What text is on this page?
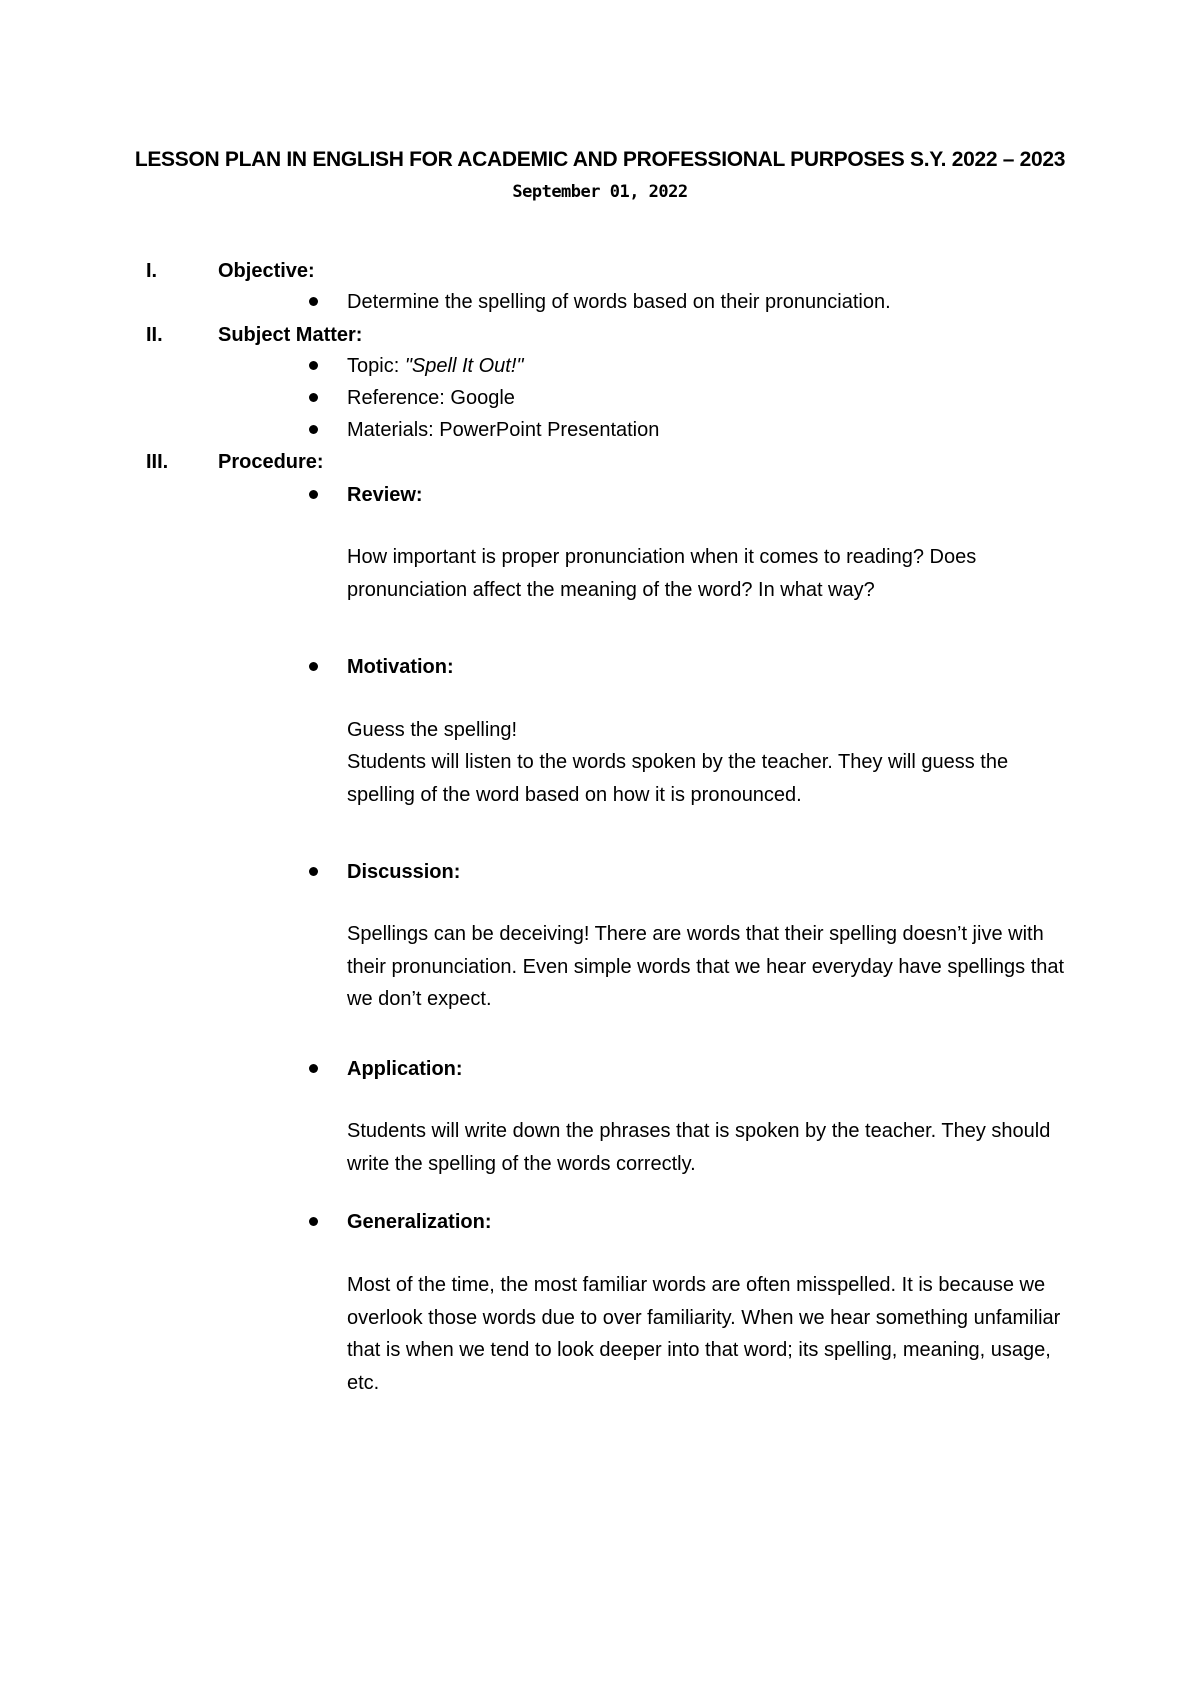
LESSON PLAN IN ENGLISH FOR ACADEMIC AND PROFESSIONAL PURPOSES S.Y. 2022 – 2023
September 01, 2022
I.	Objective:
Determine the spelling of words based on their pronunciation.
II.	Subject Matter:
Topic: "Spell It Out!"
Reference: Google
Materials: PowerPoint Presentation
III. Procedure:
Review:
How important is proper pronunciation when it comes to reading? Does pronunciation affect the meaning of the word? In what way?
Motivation:
Guess the spelling!
Students will listen to the words spoken by the teacher. They will guess the spelling of the word based on how it is pronounced.
Discussion:
Spellings can be deceiving! There are words that their spelling doesn’t jive with their pronunciation. Even simple words that we hear everyday have spellings that we don’t expect.
Application:
Students will write down the phrases that is spoken by the teacher. They should write the spelling of the words correctly.
Generalization:
Most of the time, the most familiar words are often misspelled. It is because we overlook those words due to over familiarity. When we hear something unfamiliar that is when we tend to look deeper into that word; its spelling, meaning, usage, etc.
